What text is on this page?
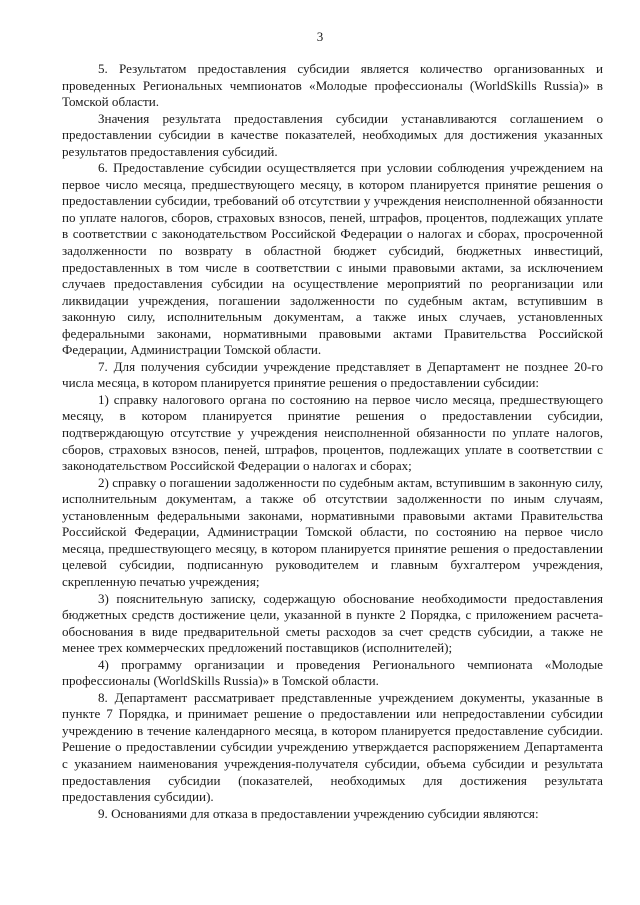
3

5. Результатом предоставления субсидии является количество организованных и проведенных Региональных чемпионатов «Молодые профессионалы (WorldSkills Russia)» в Томской области.

Значения результата предоставления субсидии устанавливаются соглашением о предоставлении субсидии в качестве показателей, необходимых для достижения указанных результатов предоставления субсидий.

6. Предоставление субсидии осуществляется при условии соблюдения учреждением на первое число месяца, предшествующего месяцу, в котором планируется принятие решения о предоставлении субсидии, требований об отсутствии у учреждения неисполненной обязанности по уплате налогов, сборов, страховых взносов, пеней, штрафов, процентов, подлежащих уплате в соответствии с законодательством Российской Федерации о налогах и сборах, просроченной задолженности по возврату в областной бюджет субсидий, бюджетных инвестиций, предоставленных в том числе в соответствии с иными правовыми актами, за исключением случаев предоставления субсидии на осуществление мероприятий по реорганизации или ликвидации учреждения, погашении задолженности по судебным актам, вступившим в законную силу, исполнительным документам, а также иных случаев, установленных федеральными законами, нормативными правовыми актами Правительства Российской Федерации, Администрации Томской области.

7. Для получения субсидии учреждение представляет в Департамент не позднее 20-го числа месяца, в котором планируется принятие решения о предоставлении субсидии:

1) справку налогового органа по состоянию на первое число месяца, предшествующего месяцу, в котором планируется принятие решения о предоставлении субсидии, подтверждающую отсутствие у учреждения неисполненной обязанности по уплате налогов, сборов, страховых взносов, пеней, штрафов, процентов, подлежащих уплате в соответствии с законодательством Российской Федерации о налогах и сборах;

2) справку о погашении задолженности по судебным актам, вступившим в законную силу, исполнительным документам, а также об отсутствии задолженности по иным случаям, установленным федеральными законами, нормативными правовыми актами Правительства Российской Федерации, Администрации Томской области, по состоянию на первое число месяца, предшествующего месяцу, в котором планируется принятие решения о предоставлении целевой субсидии, подписанную руководителем и главным бухгалтером учреждения, скрепленную печатью учреждения;

3) пояснительную записку, содержащую обоснование необходимости предоставления бюджетных средств достижение цели, указанной в пункте 2 Порядка, с приложением расчета-обоснования в виде предварительной сметы расходов за счет средств субсидии, а также не менее трех коммерческих предложений поставщиков (исполнителей);

4) программу организации и проведения Регионального чемпионата «Молодые профессионалы (WorldSkills Russia)» в Томской области.

8. Департамент рассматривает представленные учреждением документы, указанные в пункте 7 Порядка, и принимает решение о предоставлении или непредоставлении субсидии учреждению в течение календарного месяца, в котором планируется предоставление субсидии. Решение о предоставлении субсидии учреждению утверждается распоряжением Департамента с указанием наименования учреждения-получателя субсидии, объема субсидии и результата предоставления субсидии (показателей, необходимых для достижения результата предоставления субсидии).

9. Основаниями для отказа в предоставлении учреждению субсидии являются:
